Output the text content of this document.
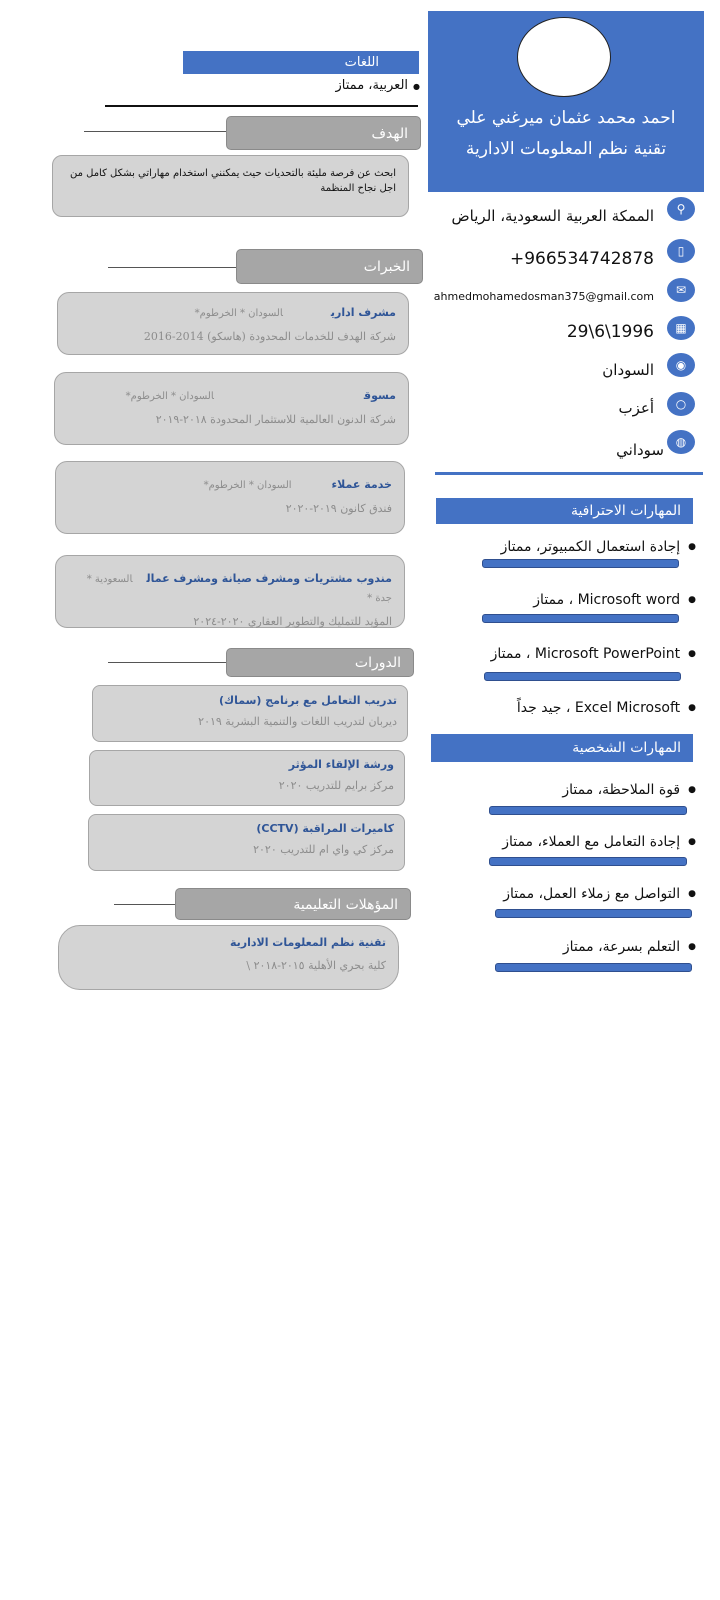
احمد محمد عثمان ميرغني علي
تقنية نظم المعلومات الادارية
⚲
الممكة العربية السعودية، الرياض
▯
+966534742878
✉
ahmedmohamedosman375@gmail.com
▦
29\6\1996
◉
السودان
○
أعزب
◍
سوداني
المهارات الاحترافية
●إجادة استعمال الكمبيوتر، ممتاز
●Microsoft word ، ممتاز
●Microsoft PowerPoint ، ممتاز
●Excel Microsoft ، جيد جداً
المهارات الشخصية
●قوة الملاحظة، ممتاز
●إجادة التعامل مع العملاء، ممتاز
●التواصل مع زملاء العمل، ممتاز
●التعلم بسرعة، ممتاز
اللغات
●العربية، ممتاز
الهدف
ابحث عن فرصة مليئة بالتحديات حيث يمكنني استخدام مهاراتي بشكل كامل من اجل نجاح المنظمة
الخبرات
مشرف اداريالسودان * الخرطوم*
شركة الهدف للخدمات المحدودة (هاسكو) 2014-2016
مسوقالسودان * الخرطوم*
شركة الدنون العالمية للاستثمار المحدودة ٢٠١٨-٢٠١٩
خدمة عملاءالسودان * الخرطوم*
فندق كانون ٢٠١٩-٢٠٢٠
مندوب مشتريات ومشرف صيانة ومشرف عمالالسعودية * جدة *
المؤيد للتمليك والتطوير العقاري ٢٠٢٠-٢٠٢٤
الدورات
تدريب التعامل مع برنامج (سماك)
ديربان لتدريب اللغات والتنمية البشرية ٢٠١٩
ورشة الإلقاء المؤثر
مركز برايم للتدريب ٢٠٢٠
كاميرات المراقبة (CCTV)
مركز كي واي ام للتدريب ٢٠٢٠
المؤهلات التعليمية
تقنية نظم المعلومات الادارية
كلية بحري الأهلية ٢٠١٥-٢٠١٨ \
